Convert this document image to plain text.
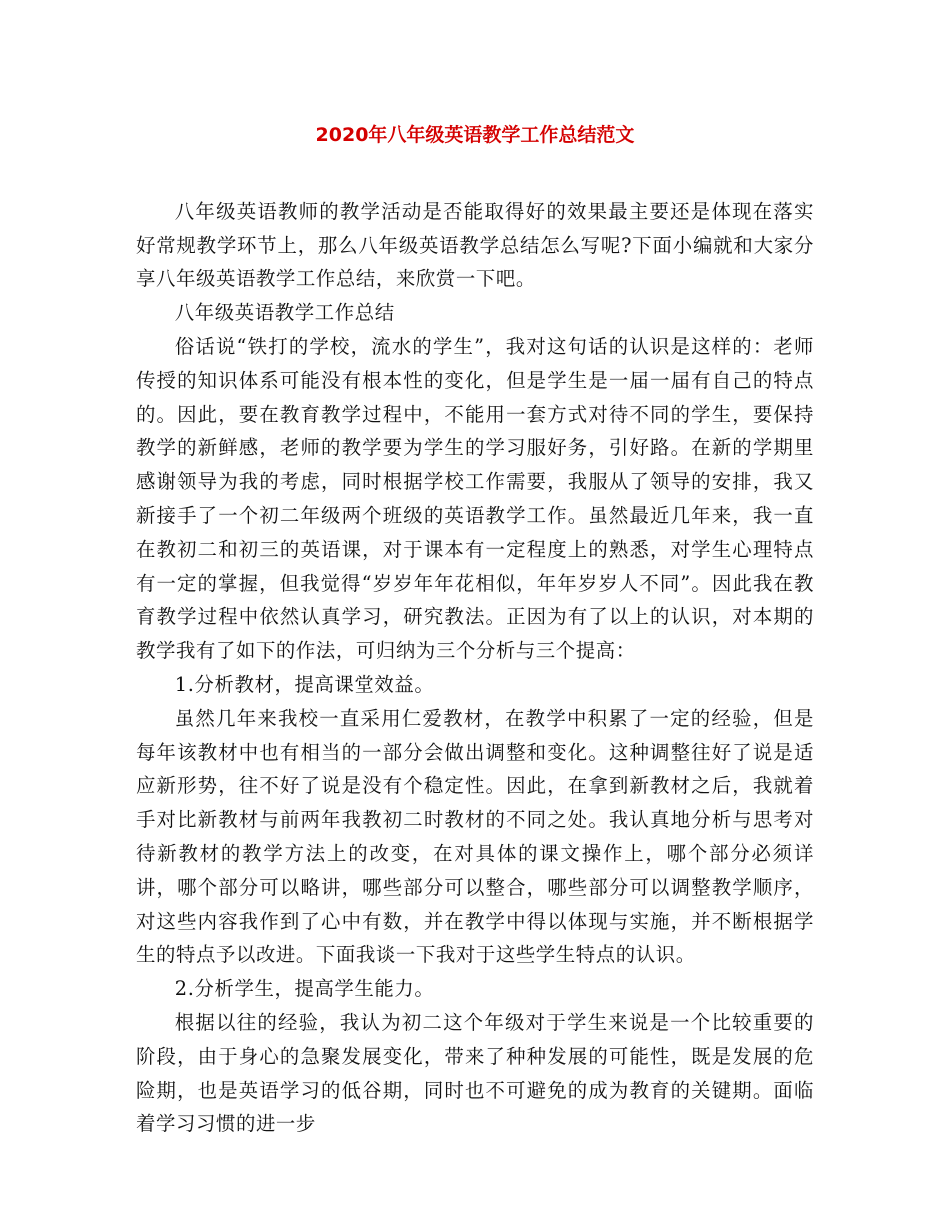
2020年八年级英语教学工作总结范文

八年级英语教师的教学活动是否能取得好的效果最主要还是体现在落实好常规教学环节上，那么八年级英语教学总结怎么写呢?下面小编就和大家分享八年级英语教学工作总结，来欣赏一下吧。

八年级英语教学工作总结

俗话说“铁打的学校，流水的学生”，我对这句话的认识是这样的：老师传授的知识体系可能没有根本性的变化，但是学生是一届一届有自己的特点的。因此，要在教育教学过程中，不能用一套方式对待不同的学生，要保持教学的新鲜感，老师的教学要为学生的学习服好务，引好路。在新的学期里感谢领导为我的考虑，同时根据学校工作需要，我服从了领导的安排，我又新接手了一个初二年级两个班级的英语教学工作。虽然最近几年来，我一直在教初二和初三的英语课，对于课本有一定程度上的熟悉，对学生心理特点有一定的掌握，但我觉得“岁岁年年花相似，年年岁岁人不同”。因此我在教育教学过程中依然认真学习，研究教法。正因为有了以上的认识，对本期的教学我有了如下的作法，可归纳为三个分析与三个提高：

1.分析教材，提高课堂效益。

虽然几年来我校一直采用仁爱教材，在教学中积累了一定的经验，但是每年该教材中也有相当的一部分会做出调整和变化。这种调整往好了说是适应新形势，往不好了说是没有个稳定性。因此，在拿到新教材之后，我就着手对比新教材与前两年我教初二时教材的不同之处。我认真地分析与思考对待新教材的教学方法上的改变，在对具体的课文操作上，哪个部分必须详讲，哪个部分可以略讲，哪些部分可以整合，哪些部分可以调整教学顺序，对这些内容我作到了心中有数，并在教学中得以体现与实施，并不断根据学生的特点予以改进。下面我谈一下我对于这些学生特点的认识。

2.分析学生，提高学生能力。

根据以往的经验，我认为初二这个年级对于学生来说是一个比较重要的阶段，由于身心的急聚发展变化，带来了种种发展的可能性，既是发展的危险期，也是英语学习的低谷期，同时也不可避免的成为教育的关键期。面临着学习习惯的进一步
